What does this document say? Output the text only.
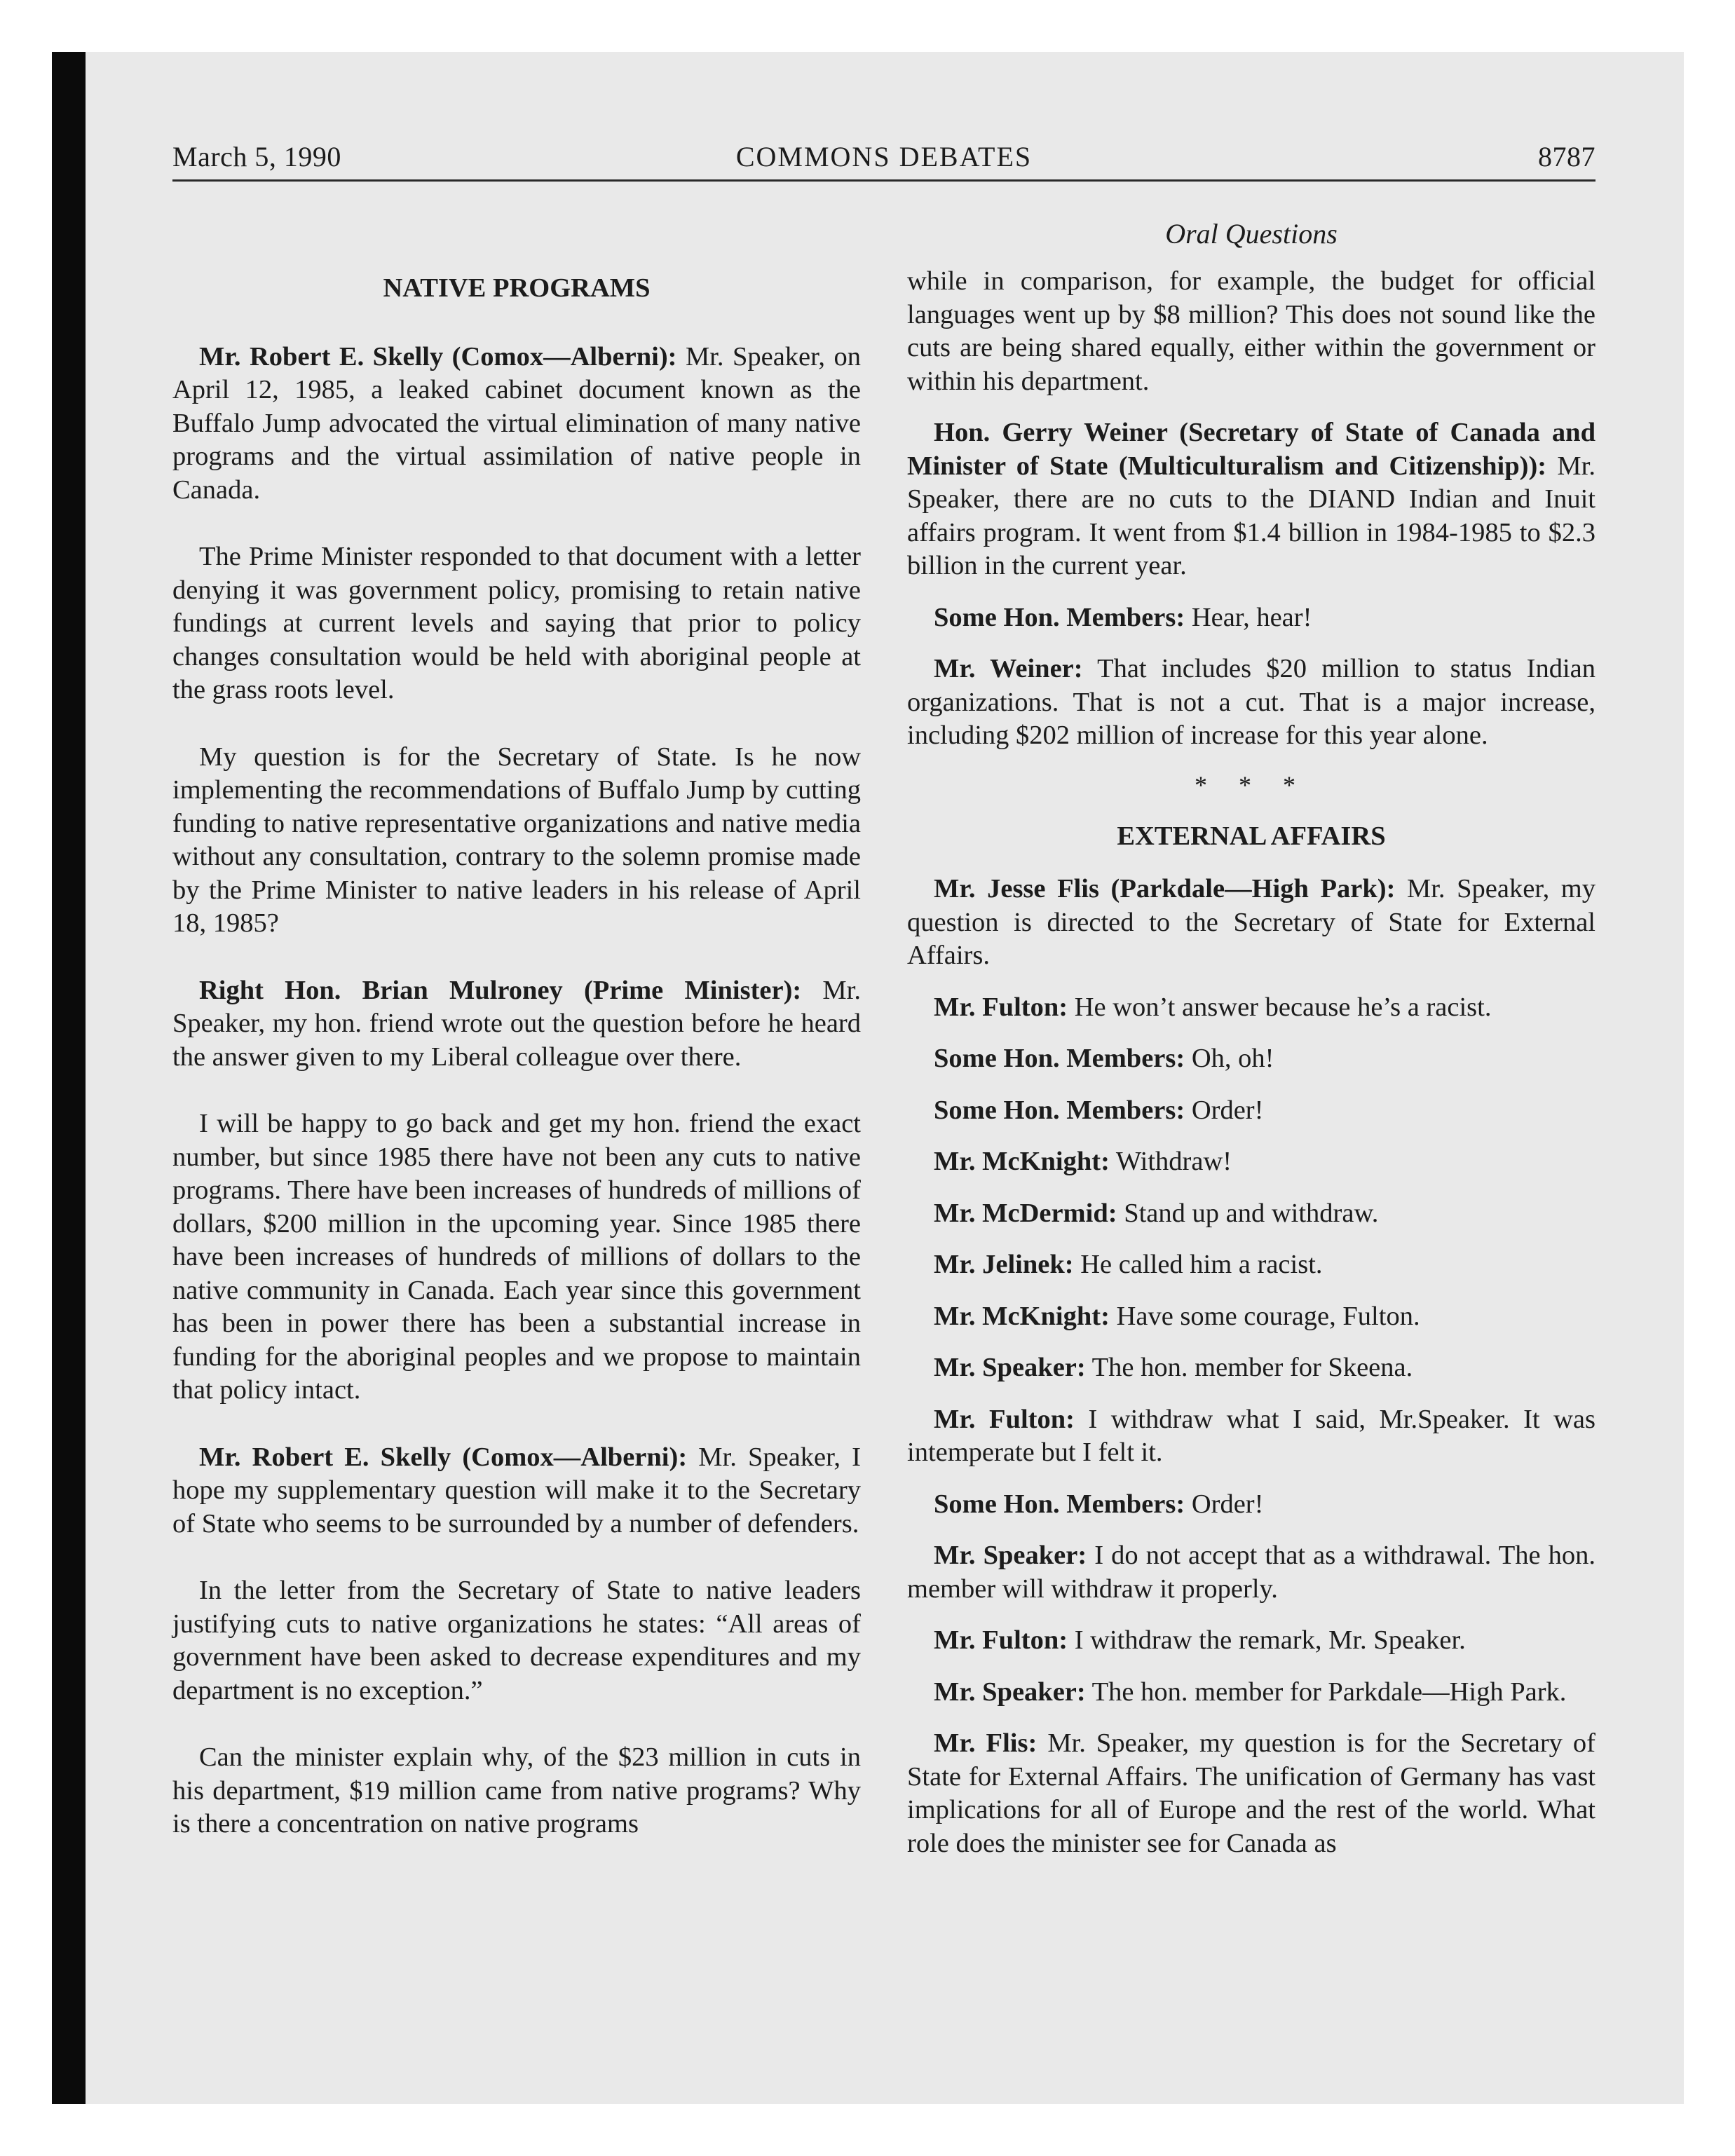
March 5, 1990	COMMONS DEBATES	8787
Oral Questions
NATIVE PROGRAMS

Mr. Robert E. Skelly (Comox—Alberni): Mr. Speaker, on April 12, 1985, a leaked cabinet document known as the Buffalo Jump advocated the virtual elimination of many native programs and the virtual assimilation of native people in Canada.

The Prime Minister responded to that document with a letter denying it was government policy, promising to retain native fundings at current levels and saying that prior to policy changes consultation would be held with aboriginal people at the grass roots level.

My question is for the Secretary of State. Is he now implementing the recommendations of Buffalo Jump by cutting funding to native representative organizations and native media without any consultation, contrary to the solemn promise made by the Prime Minister to native leaders in his release of April 18, 1985?

Right Hon. Brian Mulroney (Prime Minister): Mr. Speaker, my hon. friend wrote out the question before he heard the answer given to my Liberal colleague over there.

I will be happy to go back and get my hon. friend the exact number, but since 1985 there have not been any cuts to native programs. There have been increases of hundreds of millions of dollars, $200 million in the upcoming year. Since 1985 there have been increases of hundreds of millions of dollars to the native community in Canada. Each year since this government has been in power there has been a substantial increase in funding for the aboriginal peoples and we propose to maintain that policy intact.

Mr. Robert E. Skelly (Comox—Alberni): Mr. Speaker, I hope my supplementary question will make it to the Secretary of State who seems to be surrounded by a number of defenders.

In the letter from the Secretary of State to native leaders justifying cuts to native organizations he states: “All areas of government have been asked to decrease expenditures and my department is no exception.”

Can the minister explain why, of the $23 million in cuts in his department, $19 million came from native programs? Why is there a concentration on native programs

while in comparison, for example, the budget for official languages went up by $8 million? This does not sound like the cuts are being shared equally, either within the government or within his department.

Hon. Gerry Weiner (Secretary of State of Canada and Minister of State (Multiculturalism and Citizenship)): Mr. Speaker, there are no cuts to the DIAND Indian and Inuit affairs program. It went from $1.4 billion in 1984-1985 to $2.3 billion in the current year.

Some Hon. Members: Hear, hear!

Mr. Weiner: That includes $20 million to status Indian organizations. That is not a cut. That is a major increase, including $202 million of increase for this year alone.

* * *
EXTERNAL AFFAIRS

Mr. Jesse Flis (Parkdale—High Park): Mr. Speaker, my question is directed to the Secretary of State for External Affairs.

Mr. Fulton: He won’t answer because he’s a racist.

Some Hon. Members: Oh, oh!

Some Hon. Members: Order!

Mr. McKnight: Withdraw!

Mr. McDermid: Stand up and withdraw.

Mr. Jelinek: He called him a racist.

Mr. McKnight: Have some courage, Fulton.

Mr. Speaker: The hon. member for Skeena.

Mr. Fulton: I withdraw what I said, Mr.Speaker. It was intemperate but I felt it.

Some Hon. Members: Order!

Mr. Speaker: I do not accept that as a withdrawal. The hon. member will withdraw it properly.

Mr. Fulton: I withdraw the remark, Mr. Speaker.

Mr. Speaker: The hon. member for Parkdale—High Park.

Mr. Flis: Mr. Speaker, my question is for the Secretary of State for External Affairs. The unification of Germany has vast implications for all of Europe and the rest of the world. What role does the minister see for Canada as
